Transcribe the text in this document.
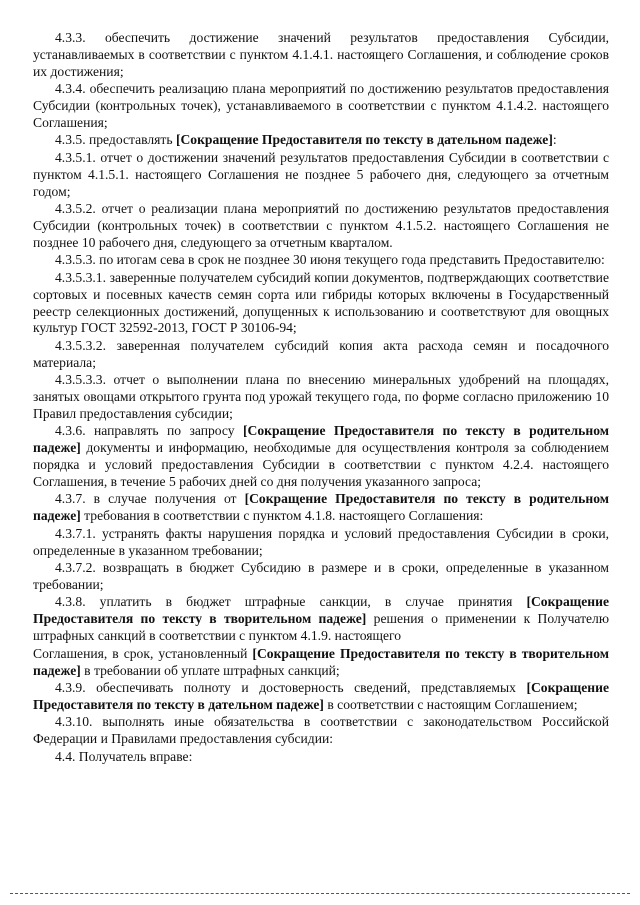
4.3.3. обеспечить достижение значений результатов предоставления Субсидии, устанавливаемых в соответствии с пунктом 4.1.4.1. настоящего Соглашения, и соблюдение сроков их достижения;

4.3.4. обеспечить реализацию плана мероприятий по достижению результатов предоставления Субсидии (контрольных точек), устанавливаемого в соответствии с пунктом 4.1.4.2. настоящего Соглашения;

4.3.5. предоставлять [Сокращение Предоставителя по тексту в дательном падеже]:

4.3.5.1. отчет о достижении значений результатов предоставления Субсидии в соответствии с пунктом 4.1.5.1. настоящего Соглашения не позднее 5 рабочего дня, следующего за отчетным годом;

4.3.5.2. отчет о реализации плана мероприятий по достижению результатов предоставления Субсидии (контрольных точек) в соответствии с пунктом 4.1.5.2. настоящего Соглашения не позднее 10 рабочего дня, следующего за отчетным кварталом.

4.3.5.3. по итогам сева в срок не позднее 30 июня текущего года представить Предоставителю:

4.3.5.3.1. заверенные получателем субсидий копии документов, подтверждающих соответствие сортовых и посевных качеств семян сорта или гибриды которых включены в Государственный реестр селекционных достижений, допущенных к использованию и соответствуют для овощных культур ГОСТ 32592-2013, ГОСТ Р 30106-94;

4.3.5.3.2. заверенная получателем субсидий копия акта расхода семян и посадочного материала;

4.3.5.3.3. отчет о выполнении плана по внесению минеральных удобрений на площадях, занятых овощами открытого грунта под урожай текущего года, по форме согласно приложению 10 Правил предоставления субсидии;

4.3.6. направлять по запросу [Сокращение Предоставителя по тексту в родительном падеже] документы и информацию, необходимые для осуществления контроля за соблюдением порядка и условий предоставления Субсидии в соответствии с пунктом 4.2.4. настоящего Соглашения, в течение 5 рабочих дней со дня получения указанного запроса;

4.3.7. в случае получения от [Сокращение Предоставителя по тексту в родительном падеже] требования в соответствии с пунктом 4.1.8. настоящего Соглашения:

4.3.7.1. устранять факты нарушения порядка и условий предоставления Субсидии в сроки, определенные в указанном требовании;

4.3.7.2. возвращать в бюджет Субсидию в размере и в сроки, определенные в указанном требовании;

4.3.8. уплатить в бюджет штрафные санкции, в случае принятия [Сокращение Предоставителя по тексту в творительном падеже] решения о применении к Получателю штрафных санкций в соответствии с пунктом 4.1.9. настоящего

Соглашения, в срок, установленный [Сокращение Предоставителя по тексту в творительном падеже] в требовании об уплате штрафных санкций;

4.3.9. обеспечивать полноту и достоверность сведений, представляемых [Сокращение Предоставителя по тексту в дательном падеже] в соответствии с настоящим Соглашением;

4.3.10. выполнять иные обязательства в соответствии с законодательством Российской Федерации и Правилами предоставления субсидии:

4.4. Получатель вправе:
